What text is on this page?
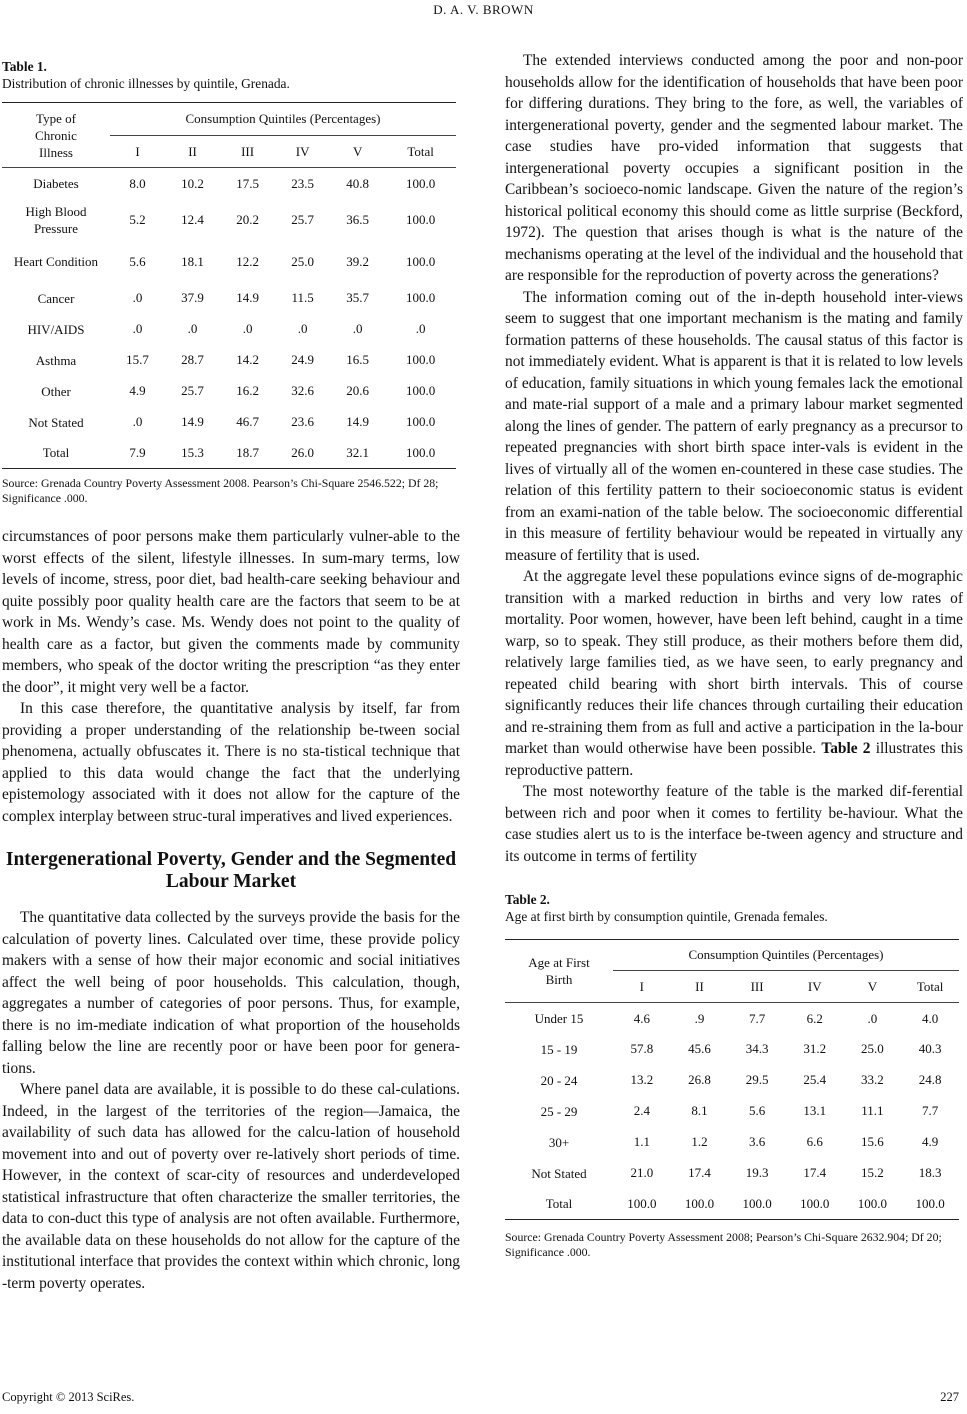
D. A. V. BROWN
Table 1.
Distribution of chronic illnesses by quintile, Grenada.
Type of Chronic Illness	Consumption Quintiles (Percentages)					
	I	II	III	IV	V	Total
Diabetes	8.0	10.2	17.5	23.5	40.8	100.0
High Blood Pressure	5.2	12.4	20.2	25.7	36.5	100.0
Heart Condition	5.6	18.1	12.2	25.0	39.2	100.0
Cancer	.0	37.9	14.9	11.5	35.7	100.0
HIV/AIDS	.0	.0	.0	.0	.0	.0
Asthma	15.7	28.7	14.2	24.9	16.5	100.0
Other	4.9	25.7	16.2	32.6	20.6	100.0
Not Stated	.0	14.9	46.7	23.6	14.9	100.0
Total	7.9	15.3	18.7	26.0	32.1	100.0
Source: Grenada Country Poverty Assessment 2008. Pearson’s Chi-Square 2546.522; Df 28; Significance .000.

circumstances of poor persons make them particularly vulner-able to the worst effects of the silent, lifestyle illnesses. In sum-mary terms, low levels of income, stress, poor diet, bad health-care seeking behaviour and quite possibly poor quality health care are the factors that seem to be at work in Ms. Wendy’s case. Ms. Wendy does not point to the quality of health care as a factor, but given the comments made by community members, who speak of the doctor writing the prescription “as they enter the door”, it might very well be a factor.

In this case therefore, the quantitative analysis by itself, far from providing a proper understanding of the relationship be-tween social phenomena, actually obfuscates it. There is no sta-tistical technique that applied to this data would change the fact that the underlying epistemology associated with it does not allow for the capture of the complex interplay between struc-tural imperatives and lived experiences.

Intergenerational Poverty, Gender and the Segmented Labour Market

The quantitative data collected by the surveys provide the basis for the calculation of poverty lines. Calculated over time, these provide policy makers with a sense of how their major economic and social initiatives affect the well being of poor households. This calculation, though, aggregates a number of categories of poor persons. Thus, for example, there is no im-mediate indication of what proportion of the households falling below the line are recently poor or have been poor for genera-tions.

Where panel data are available, it is possible to do these cal-culations. Indeed, in the largest of the territories of the region—Jamaica, the availability of such data has allowed for the calcu-lation of household movement into and out of poverty over re-latively short periods of time. However, in the context of scar-city of resources and underdeveloped statistical infrastructure that often characterize the smaller territories, the data to con-duct this type of analysis are not often available. Furthermore, the available data on these households do not allow for the capture of the institutional interface that provides the context within which chronic, long -term poverty operates.

The extended interviews conducted among the poor and non-poor households allow for the identification of households that have been poor for differing durations. They bring to the fore, as well, the variables of intergenerational poverty, gender and the segmented labour market. The case studies have pro-vided information that suggests that intergenerational poverty occupies a significant position in the Caribbean’s socioeco-nomic landscape. Given the nature of the region’s historical political economy this should come as little surprise (Beckford, 1972). The question that arises though is what is the nature of the mechanisms operating at the level of the individual and the household that are responsible for the reproduction of poverty across the generations?

The information coming out of the in-depth household inter-views seem to suggest that one important mechanism is the mating and family formation patterns of these households. The causal status of this factor is not immediately evident. What is apparent is that it is related to low levels of education, family situations in which young females lack the emotional and mate-rial support of a male and a primary labour market segmented along the lines of gender. The pattern of early pregnancy as a precursor to repeated pregnancies with short birth space inter-vals is evident in the lives of virtually all of the women en-countered in these case studies. The relation of this fertility pattern to their socioeconomic status is evident from an exami-nation of the table below. The socioeconomic differential in this measure of fertility behaviour would be repeated in virtually any measure of fertility that is used.

At the aggregate level these populations evince signs of de-mographic transition with a marked reduction in births and very low rates of mortality. Poor women, however, have been left behind, caught in a time warp, so to speak. They still produce, as their mothers before them did, relatively large families tied, as we have seen, to early pregnancy and repeated child bearing with short birth intervals. This of course significantly reduces their life chances through curtailing their education and re-straining them from as full and active a participation in the la-bour market than would otherwise have been possible. Table 2 illustrates this reproductive pattern.

The most noteworthy feature of the table is the marked dif-ferential between rich and poor when it comes to fertility be-haviour. What the case studies alert us to is the interface be-tween agency and structure and its outcome in terms of fertility

Table 2.
Age at first birth by consumption quintile, Grenada females.
Age at First Birth	Consumption Quintiles (Percentages)					
	I	II	III	IV	V	Total
Under 15	4.6	.9	7.7	6.2	.0	4.0
15 - 19	57.8	45.6	34.3	31.2	25.0	40.3
20 - 24	13.2	26.8	29.5	25.4	33.2	24.8
25 - 29	2.4	8.1	5.6	13.1	11.1	7.7
30+	1.1	1.2	3.6	6.6	15.6	4.9
Not Stated	21.0	17.4	19.3	17.4	15.2	18.3
Total	100.0	100.0	100.0	100.0	100.0	100.0
Source: Grenada Country Poverty Assessment 2008; Pearson’s Chi-Square 2632.904; Df 20; Significance .000.
Copyright © 2013 SciRes.	227
